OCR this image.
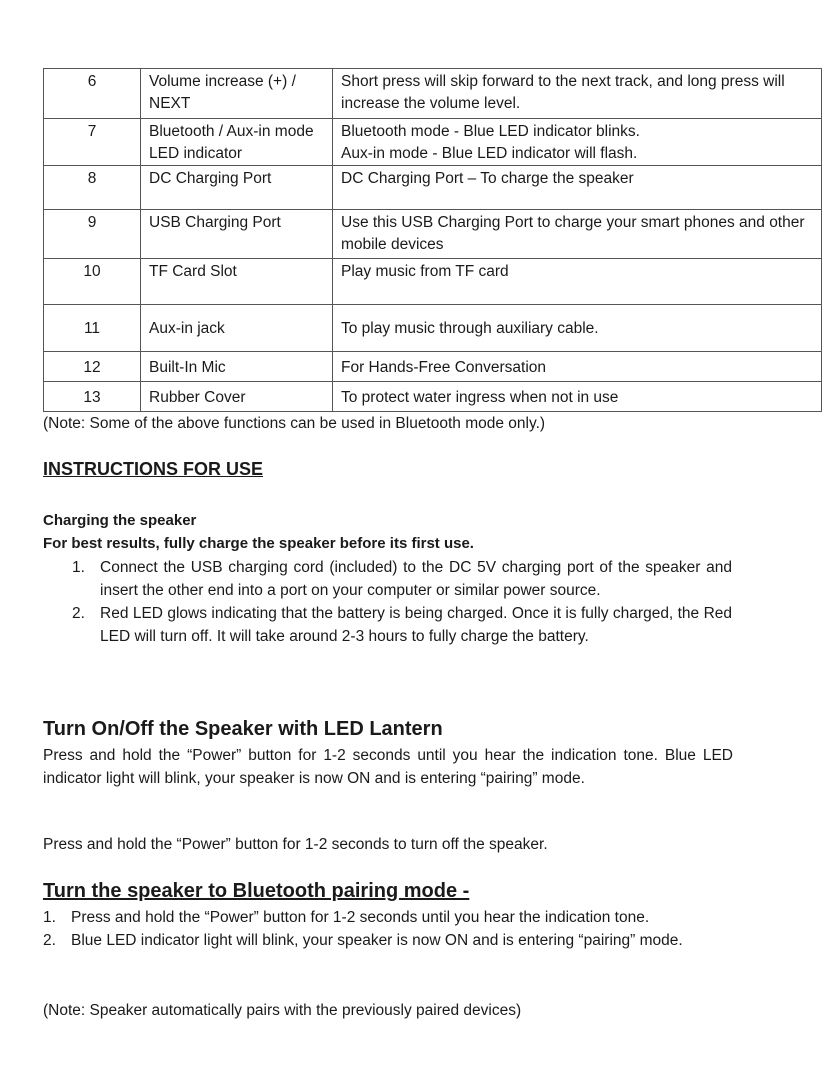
6	Volume increase (+) / NEXT	Short press will skip forward to the next track, and long press will increase the volume level.
7	Bluetooth / Aux-in mode LED indicator	Bluetooth mode - Blue LED indicator blinks.
Aux-in mode - Blue LED indicator will flash.
8	DC Charging Port	DC Charging Port – To charge the speaker
9	USB Charging Port	Use this USB Charging Port to charge your smart phones and other mobile devices
10	TF Card Slot	Play music from TF card
11	Aux-in jack	To play music through auxiliary cable.
12	Built-In Mic	For Hands-Free Conversation
13	Rubber Cover	To protect water ingress when not in use
(Note: Some of the above functions can be used in Bluetooth mode only.)
INSTRUCTIONS FOR USE
Charging the speaker
For best results, fully charge the speaker before its first use.
1. Connect the USB charging cord (included) to the DC 5V charging port of the speaker and insert the other end into a port on your computer or similar power source.
2. Red LED glows indicating that the battery is being charged. Once it is fully charged, the Red LED will turn off. It will take around 2-3 hours to fully charge the battery.
Turn On/Off the Speaker with LED Lantern

Press and hold the “Power” button for 1-2 seconds until you hear the indication tone. Blue LED indicator light will blink, your speaker is now ON and is entering “pairing” mode.

Press and hold the “Power” button for 1-2 seconds to turn off the speaker.

Turn the speaker to Bluetooth pairing mode -
1. Press and hold the “Power” button for 1-2 seconds until you hear the indication tone.
2. Blue LED indicator light will blink, your speaker is now ON and is entering “pairing” mode.
(Note: Speaker automatically pairs with the previously paired devices)
